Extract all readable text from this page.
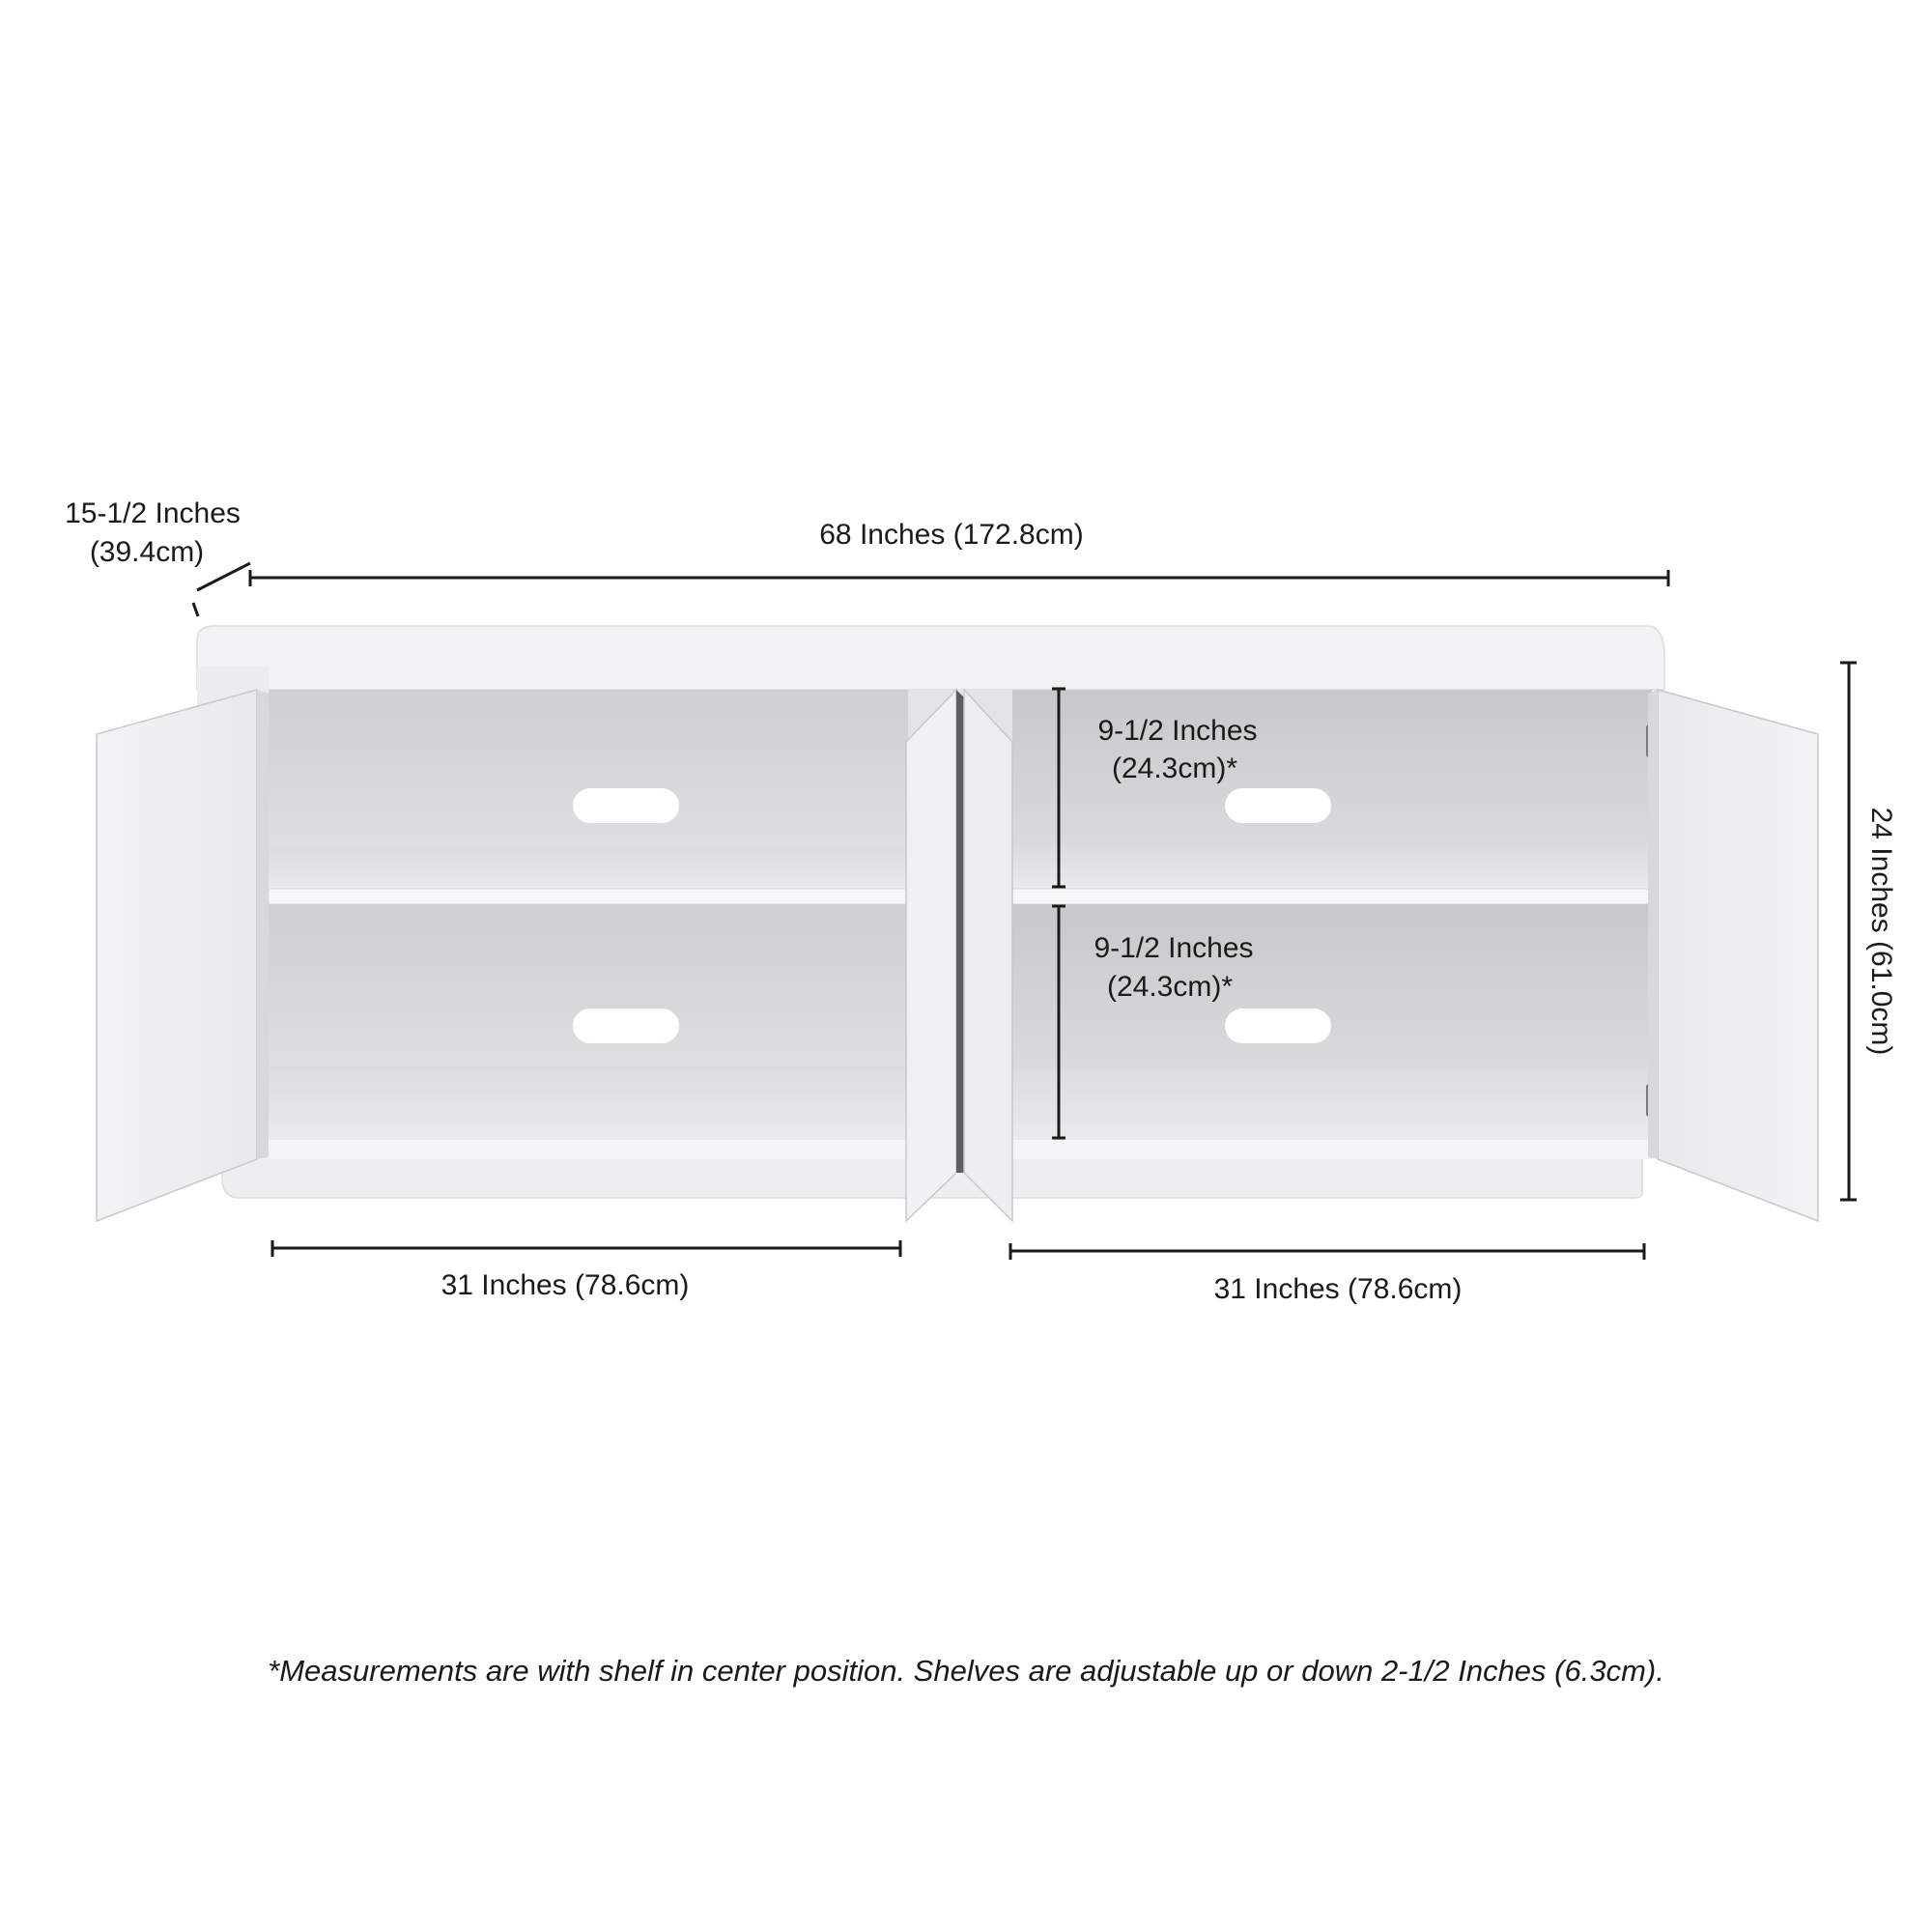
15-1/2 Inches
(39.4cm)
68 Inches (172.8cm)
9-1/2 Inches
(24.3cm)*
9-1/2 Inches
(24.3cm)*
31 Inches (78.6cm)	31 Inches (78.6cm)
24 Inches (61.0cm)
*Measurements are with shelf in center position. Shelves are adjustable up or down 2-1/2 Inches (6.3cm).
